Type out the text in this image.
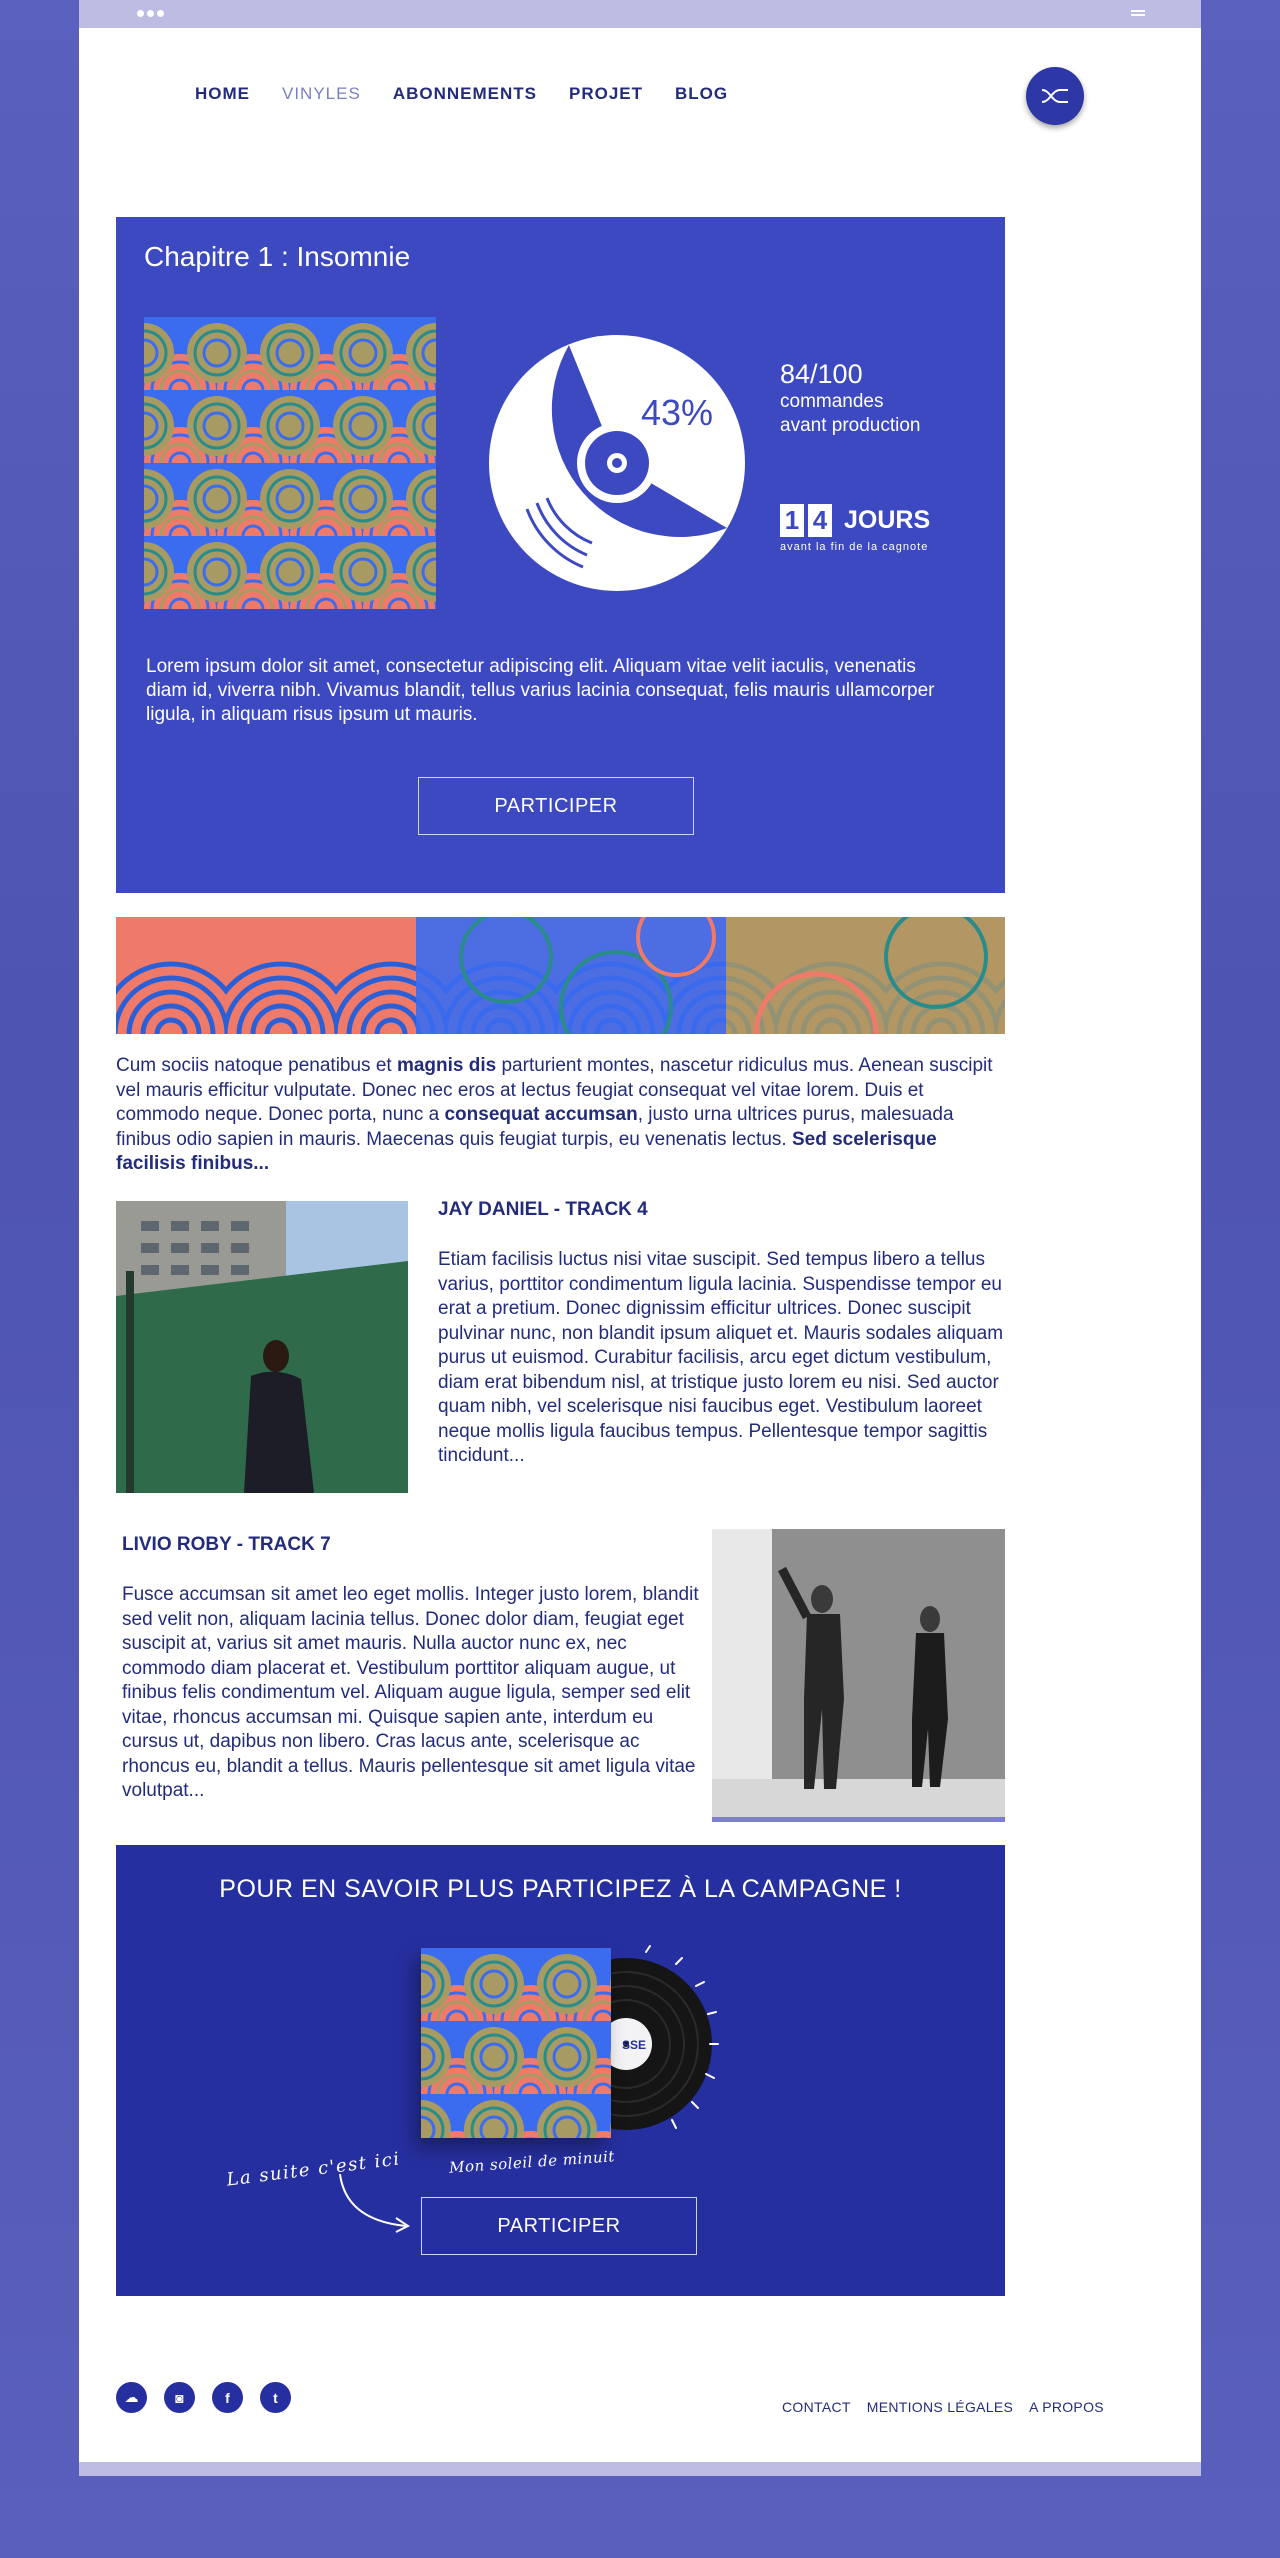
HOME VINYLES ABONNEMENTS PROJET BLOG
Chapitre 1 : Insomnie
43%
84/100
commandes
avant production
1 4 JOURS
avant la fin de la cagnote
Lorem ipsum dolor sit amet, consectetur adipiscing elit. Aliquam vitae velit iaculis, venenatis diam id, viverra nibh. Vivamus blandit, tellus varius lacinia consequat, felis mauris ullamcorper ligula, in aliquam risus ipsum ut mauris.
PARTICIPER

Cum sociis natoque penatibus et magnis dis parturient montes, nascetur ridiculus mus. Aenean suscipit vel mauris efficitur vulputate. Donec nec eros at lectus feugiat consequat vel vitae lorem. Duis et commodo neque. Donec porta, nunc a consequat accumsan, justo urna ultrices purus, malesuada finibus odio sapien in mauris. Maecenas quis feugiat turpis, eu venenatis lectus. Sed scelerisque facilisis finibus...

JAY DANIEL - TRACK 4
Etiam facilisis luctus nisi vitae suscipit. Sed tempus libero a tellus varius, porttitor condimentum ligula lacinia. Suspendisse tempor eu erat a pretium. Donec dignissim efficitur ultrices. Donec suscipit pulvinar nunc, non blandit ipsum aliquet et. Mauris sodales aliquam purus ut euismod. Curabitur facilisis, arcu eget dictum vestibulum, diam erat bibendum nisl, at tristique justo lorem eu nisi. Sed auctor quam nibh, vel scelerisque nisi faucibus eget. Vestibulum laoreet neque mollis ligula faucibus tempus. Pellentesque tempor sagittis tincidunt...
LIVIO ROBY - TRACK 7
Fusce accumsan sit amet leo eget mollis. Integer justo lorem, blandit sed velit non, aliquam lacinia tellus. Donec dolor diam, feugiat eget suscipit at, varius sit amet mauris. Nulla auctor nunc ex, nec commodo diam placerat et. Vestibulum porttitor aliquam augue, ut finibus felis condimentum vel. Aliquam augue ligula, semper sed elit vitae, rhoncus accumsan mi. Quisque sapien ante, interdum eu cursus ut, dapibus non libero. Cras lacus ante, scelerisque ac rhoncus eu, blandit a tellus. Mauris pellentesque sit amet ligula vitae volutpat...
POUR EN SAVOIR PLUS PARTICIPEZ À LA CAMPAGNE !
SSE
La suite c'est ici	Mon soleil de minuit
PARTICIPER
☁	◙	f	t
CONTACT MENTIONS LÉGALES A PROPOS
